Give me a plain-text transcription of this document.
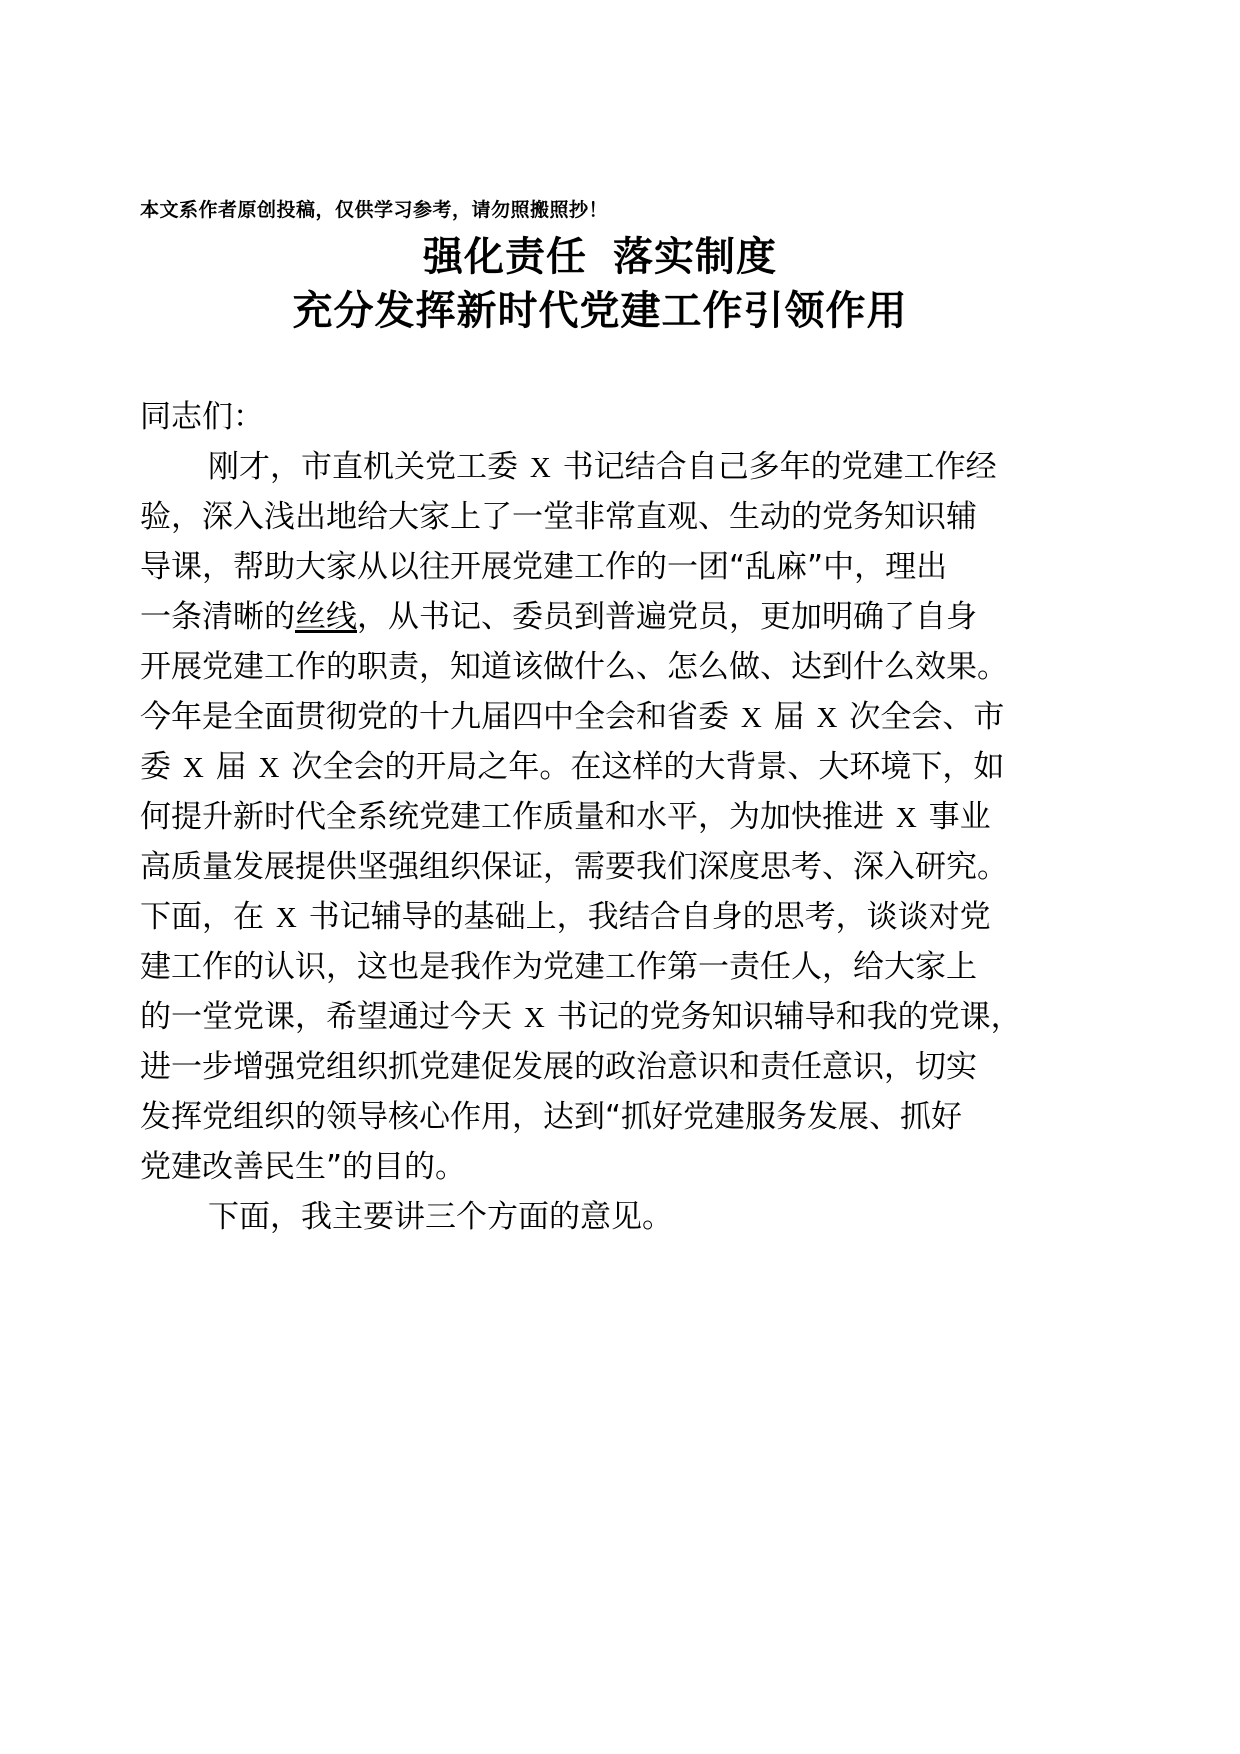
本文系作者原创投稿，仅供学习参考，请勿照搬照抄！
强化责任 落实制度
充分发挥新时代党建工作引领作用
同志们：
刚才，市直机关党工委 X 书记结合自己多年的党建工作经
验，深入浅出地给大家上了一堂非常直观、生动的党务知识辅
导课，帮助大家从以往开展党建工作的一团“乱麻”中，理出
一条清晰的丝线，从书记、委员到普遍党员，更加明确了自身
开展党建工作的职责，知道该做什么、怎么做、达到什么效果。
今年是全面贯彻党的十九届四中全会和省委 X 届 X 次全会、市
委 X 届 X 次全会的开局之年。在这样的大背景、大环境下，如
何提升新时代全系统党建工作质量和水平，为加快推进 X 事业
高质量发展提供坚强组织保证，需要我们深度思考、深入研究。
下面，在 X 书记辅导的基础上，我结合自身的思考，谈谈对党
建工作的认识，这也是我作为党建工作第一责任人，给大家上
的一堂党课，希望通过今天 X 书记的党务知识辅导和我的党课，
进一步增强党组织抓党建促发展的政治意识和责任意识，切实
发挥党组织的领导核心作用，达到“抓好党建服务发展、抓好
党建改善民生”的目的。
下面，我主要讲三个方面的意见。
